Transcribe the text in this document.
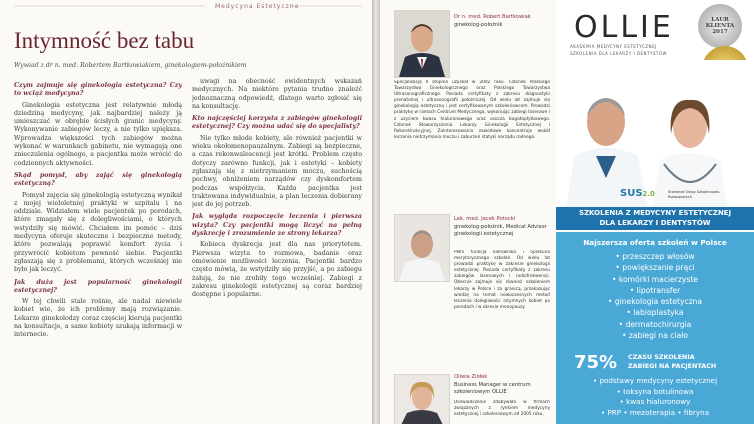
Medycyna Estetyczna
Intymność bez tabu
Wywiad z dr n. med. Robertem Bartkowiakiem, ginekologiem-położnikiem

Czym zajmuje się ginekologia estetyczna? Czy to wciąż medycyna?

Ginekologia estetyczna jest relatywnie młodą dziedziną medycyny, jak najbardziej należy ją umieszczać w obrębie ścisłych granic medycyny. Wykonywanie zabiegów leczy, a nie tylko upiększa. Wprowadza większości tych zabiegów można wykonać w warunkach gabinetu, nie wymagają one znieczulenia ogólnego, a pacjentka może wrócić do codziennych aktywności.

Skąd pomysł, aby zająć się ginekologią estetyczną?

Pomysł zajęcia się ginekologią estetyczną wynikał z mojej wieloletniej praktyki w szpitalu i na oddziale. Widziałem wiele pacjentek po porodach, które zmagały się z dolegliwościami, o których wstydziły się mówić. Chciałem im pomóc – dziś medycyna oferuje skuteczne i bezpieczne metody, które pozwalają poprawić komfort życia i przywrócić kobietom pewność siebie. Pacjentki zgłaszają się z problemami, których wcześniej nie było jak leczyć.

Jak duża jest popularność ginekologii estetycznej?

W tej chwili stale rośnie, ale nadal niewiele kobiet wie, że ich problemy mają rozwiązanie. Lekarze ginekolodzy coraz częściej kierują pacjentki na konsultacje, a same kobiety szukają informacji w internecie.

uwagi na obecność ewidentnych wskazań medycznych. Na niektóre pytania trudno znaleźć jednoznaczną odpowiedź, dlatego warto zgłosić się na konsultację.

Kto najczęściej korzysta z zabiegów ginekologii estetycznej? Czy można udać się do specjalisty?

Nie tylko młode kobiety, ale również pacjentki w wieku okołomenopauzalnym. Zabiegi są bezpieczne, a czas rekonwalescencji jest krótki. Problem często dotyczy zarówno funkcji, jak i estetyki – kobiety zgłaszają się z nietrzymaniem moczu, suchością pochwy, obniżeniem narządów czy dyskomfortem podczas współżycia. Każda pacjentka jest traktowana indywidualnie, a plan leczenia dobierany jest do jej potrzeb.

Jak wygląda rozpoczęcie leczenia i pierwsza wizyta? Czy pacjentki mogą liczyć na pełną dyskrecję i zrozumienie ze strony lekarza?

Kobieca dyskrecja jest dla nas priorytetem. Pierwsza wizyta to rozmowa, badanie oraz omówienie możliwości leczenia. Pacjentki bardzo często mówią, że wstydziły się przyjść, a po zabiegu żałują, że nie zrobiły tego wcześniej. Zabiegi z zakresu ginekologii estetycznej są coraz bardziej dostępne i popularne.

Dr n. med. Robert Bartkowiak
ginekolog-położnik
Specjalizację II stopnia uzyskał w 2002 roku. Członek Polskiego Towarzystwa Ginekologicznego oraz Polskiego Towarzystwa Ultrasonograficznego. Posiada certyfikaty z zakresu diagnostyki prenatalnej i ultrasonografii położniczej. Od wielu lat zajmuje się ginekologią estetyczną i jest certyfikowanym szkoleniowcem. Prowadzi praktykę w ramach Centrum Medycznego, wykonując zabiegi laserowe i z użyciem kwasu hialuronowego oraz osocza bogatopłytkowego. Członek Stowarzyszenia Lekarzy Ginekologii Estetycznej i Rekonstrukcyjnej. Zainteresowania zawodowe koncentruje wokół leczenia nietrzymania moczu i zaburzeń statyki narządu rodnego.
Lek. med. Jacek Potocki
ginekolog-położnik, Medical Advisor ginekologii estetycznej
Pełni funkcję kierownika i opiekuna merytorycznego szkoleń. Od wielu lat prowadzi praktykę w zakresie ginekologii estetycznej. Posiada certyfikaty z zakresu zabiegów laserowych i radiofrekwencji. Obecnie zajmuje się również szkoleniem lekarzy w Polsce i za granicą, przekazując wiedzę na temat nowoczesnych metod leczenia dolegliwości intymnych kobiet po porodach i w okresie menopauzy.
Oliwia Ziółek
Business Manager w centrum szkoleniowym OLLIE
Doświadczenie zdobywała w firmach związanych z rynkiem medycyny estetycznej i szkoleniowym od 2005 roku.
OLLIE
AKADEMIA MEDYCYNY ESTETYCZNEJ
SZKOLENIA DLA LEKARZY I DENTYSTÓW
LAUR KLIENTA 2017
SUS2.0	Standard Usług Szkoleniowo-Rozwojowych
SZKOLENIA Z MEDYCYNY ESTETYCZNEJ
DLA LEKARZY I DENTYSTÓW
Najszersza oferta szkoleń w Polsce
• przeszczep włosów
• powiększanie prąci
• komórki macierzyste
• lipotransfer
• ginekologia estetyczna
• labioplastyka
• dermatochirurgia
• zabiegi na ciało
75% CZASU SZKOLENIA
ZABIEGI NA PACJENTACH
• podstawy medycyny estetycznej
• toksyna botulinowa
• kwas hialuronowy
• PRP • mezoterapia • fibryna
